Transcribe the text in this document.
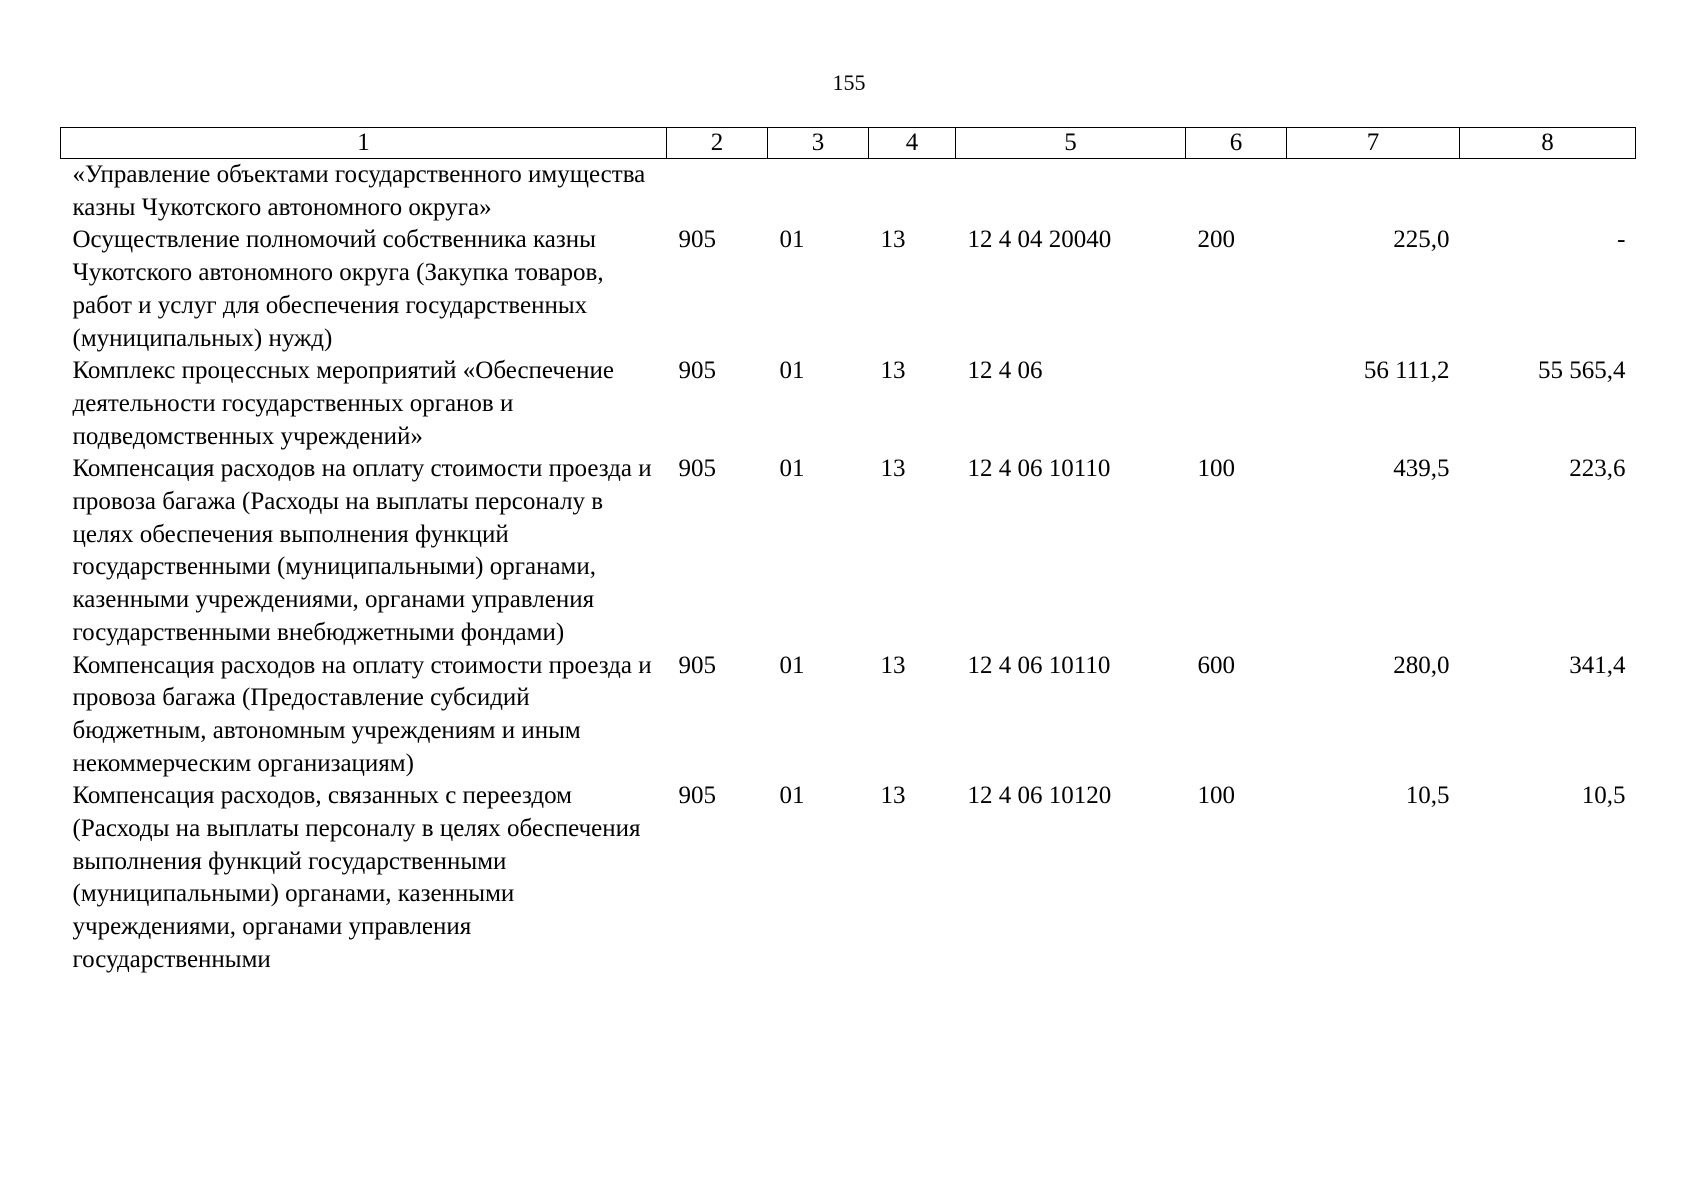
155
1	2	3	4	5	6	7	8
«Управление объектами государственного имущества казны Чукотского автономного округа»							
Осуществление полномочий собственника казны Чукотского автономного округа (Закупка товаров, работ и услуг для обеспечения государственных (муниципальных) нужд)	905	01	13	12 4 04 20040	200	225,0	-
Комплекс процессных мероприятий «Обеспечение деятельности государственных органов и подведомственных учреждений»	905	01	13	12 4 06		56 111,2	55 565,4
Компенсация расходов на оплату стоимости проезда и провоза багажа (Расходы на выплаты персоналу в целях обеспечения выполнения функций государственными (муниципальными) органами, казенными учреждениями, органами управления государственными внебюджетными фондами)	905	01	13	12 4 06 10110	100	439,5	223,6
Компенсация расходов на оплату стоимости проезда и провоза багажа (Предоставление субсидий бюджетным, автономным учреждениям и иным некоммерческим организациям)	905	01	13	12 4 06 10110	600	280,0	341,4
Компенсация расходов, связанных с переездом (Расходы на выплаты персоналу в целях обеспечения выполнения функций государственными (муниципальными) органами, казенными учреждениями, органами управления государственными	905	01	13	12 4 06 10120	100	10,5	10,5
